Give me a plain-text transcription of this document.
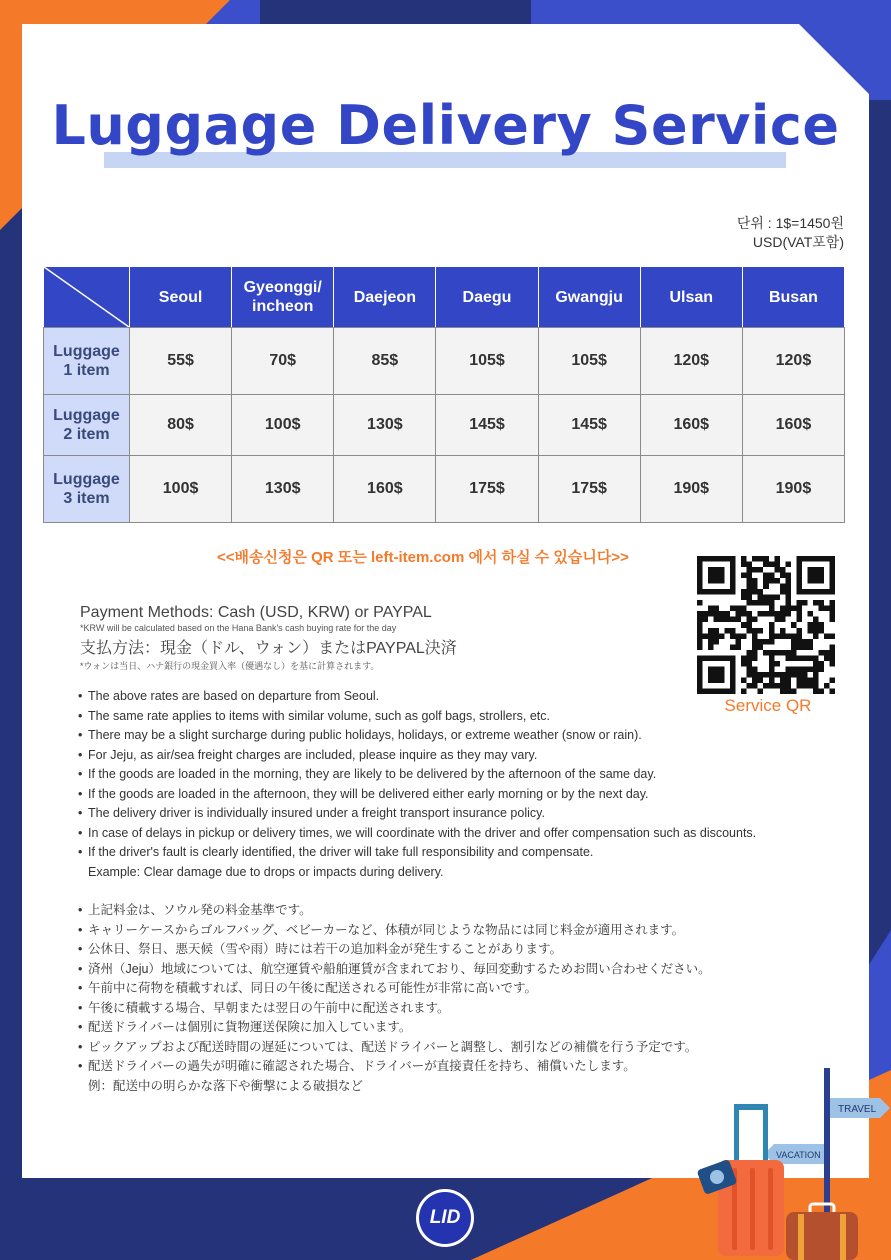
Luggage Delivery Service
단위 : 1$=1450원
USD(VAT포함)
	Seoul	Gyeonggi/ incheon	Daejeon	Daegu	Gwangju	Ulsan	Busan
Luggage
1 item	55$	70$	85$	105$	105$	120$	120$
Luggage
2 item	80$	100$	130$	145$	145$	160$	160$
Luggage
3 item	100$	130$	160$	175$	175$	190$	190$
<<배송신청은 QR 또는 left-item.com 에서 하실 수 있습니다>>
Service QR
Payment Methods: Cash (USD, KRW) or PAYPAL
*KRW will be calculated based on the Hana Bank's cash buying rate for the day
支払方法：現金（ドル、ウォン）またはPAYPAL決済
*ウォンは当日、ハナ銀行の現金買入率（優遇なし）を基に計算されます。
• The above rates are based on departure from Seoul.
• The same rate applies to items with similar volume, such as golf bags, strollers, etc.
• There may be a slight surcharge during public holidays, holidays, or extreme weather (snow or rain).
• For Jeju, as air/sea freight charges are included, please inquire as they may vary.
• If the goods are loaded in the morning, they are likely to be delivered by the afternoon of the same day.
• If the goods are loaded in the afternoon, they will be delivered either early morning or by the next day.
• The delivery driver is individually insured under a freight transport insurance policy.
• In case of delays in pickup or delivery times, we will coordinate with the driver and offer compensation such as discounts.
• If the driver's fault is clearly identified, the driver will take full responsibility and compensate.
Example: Clear damage due to drops or impacts during delivery.
• 上記料金は、ソウル発の料金基準です。
• キャリーケースからゴルフバッグ、ベビーカーなど、体積が同じような物品には同じ料金が適用されます。
• 公休日、祭日、悪天候（雪や雨）時には若干の追加料金が発生することがあります。
• 済州（Jeju）地域については、航空運賃や船舶運賃が含まれており、毎回変動するためお問い合わせください。
• 午前中に荷物を積載すれば、同日の午後に配送される可能性が非常に高いです。
• 午後に積載する場合、早朝または翌日の午前中に配送されます。
• 配送ドライバーは個別に貨物運送保険に加入しています。
• ピックアップおよび配送時間の遅延については、配送ドライバーと調整し、割引などの補償を行う予定です。
• 配送ドライバーの過失が明確に確認された場合、ドライバーが直接責任を持ち、補償いたします。
例：配送中の明らかな落下や衝撃による破損など
TRAVEL
VACATION
LID
